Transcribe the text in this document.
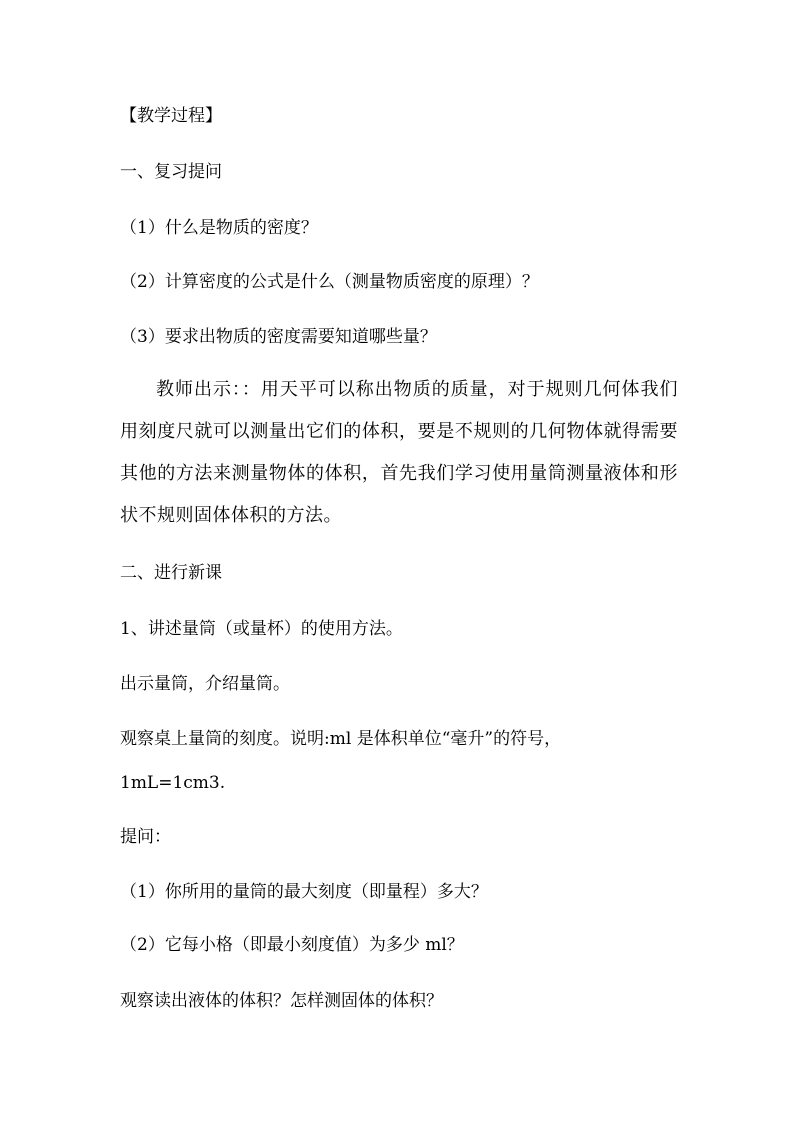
【教学过程】
一、复习提问
（1）什么是物质的密度？
（2）计算密度的公式是什么（测量物质密度的原理）？
（3）要求出物质的密度需要知道哪些量？
教师出示：：用天平可以称出物质的质量，对于规则几何体我们用刻度尺就可以测量出它们的体积，要是不规则的几何物体就得需要其他的方法来测量物体的体积，首先我们学习使用量筒测量液体和形状不规则固体体积的方法。
二、进行新课
1、讲述量筒（或量杯）的使用方法。
出示量筒，介绍量筒。
观察桌上量筒的刻度。说明:ml 是体积单位“毫升”的符号，
1mL=1cm3.
提问：
（1）你所用的量筒的最大刻度（即量程）多大？
（2）它每小格（即最小刻度值）为多少 ml？
观察读出液体的体积？怎样测固体的体积？
